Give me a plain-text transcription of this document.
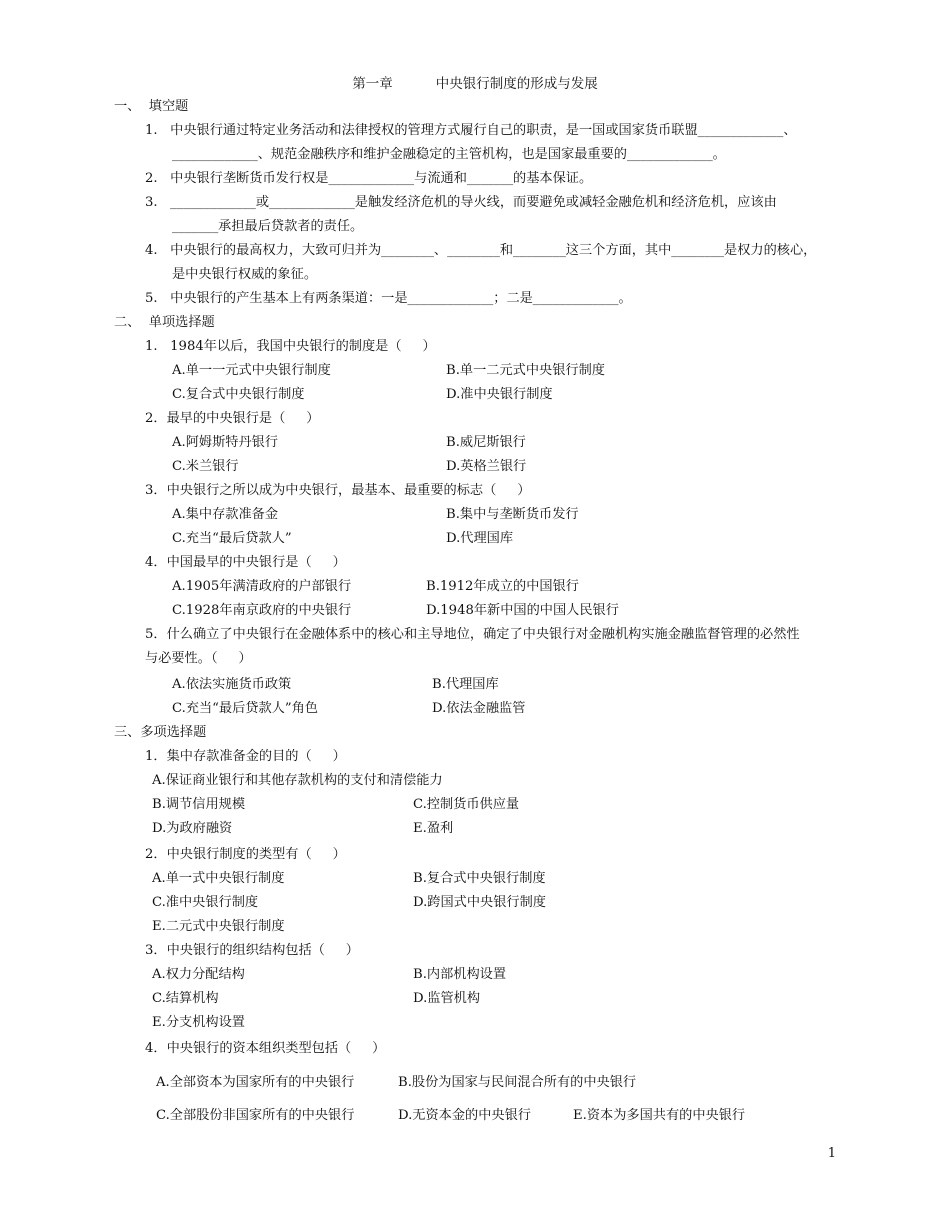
第一章          中央银行制度的形成与发展
一、  填空题
1.   中央银行通过特定业务活动和法律授权的管理方式履行自己的职责，是一国或国家货币联盟_____________、
_____________、规范金融秩序和维护金融稳定的主管机构，也是国家最重要的_____________。
2.   中央银行垄断货币发行权是_____________与流通和_______的基本保证。
3.   _____________或_____________是触发经济危机的导火线，而要避免或减轻金融危机和经济危机，应该由
_______承担最后贷款者的责任。
4.   中央银行的最高权力，大致可归并为________、________和________这三个方面，其中________是权力的核心，
是中央银行权威的象征。
5.   中央银行的产生基本上有两条渠道：一是_____________；二是_____________。
二、  单项选择题
1.   1984年以后，我国中央银行的制度是（     ）
A.单一一元式中央银行制度	B.单一二元式中央银行制度
C.复合式中央银行制度	D.准中央银行制度
2．最早的中央银行是（     ）
A.阿姆斯特丹银行	B.威尼斯银行
C.米兰银行	D.英格兰银行
3．中央银行之所以成为中央银行，最基本、最重要的标志（     ）
A.集中存款准备金	B.集中与垄断货币发行
C.充当“最后贷款人”	D.代理国库
4．中国最早的中央银行是（     ）
A.1905年满清政府的户部银行	B.1912年成立的中国银行
C.1928年南京政府的中央银行	D.1948年新中国的中国人民银行
5．什么确立了中央银行在金融体系中的核心和主导地位，确定了中央银行对金融机构实施金融监督管理的必然性
与必要性。（     ）
A.依法实施货币政策	B.代理国库
C.充当“最后贷款人”角色	D.依法金融监管
三、多项选择题
1．集中存款准备金的目的（     ）
A.保证商业银行和其他存款机构的支付和清偿能力
B.调节信用规模	C.控制货币供应量
D.为政府融资	E.盈利
2．中央银行制度的类型有（     ）
A.单一式中央银行制度	B.复合式中央银行制度
C.准中央银行制度	D.跨国式中央银行制度
E.二元式中央银行制度
3．中央银行的组织结构包括（     ）
A.权力分配结构	B.内部机构设置
C.结算机构	D.监管机构
E.分支机构设置
4．中央银行的资本组织类型包括（     ）
A.全部资本为国家所有的中央银行	B.股份为国家与民间混合所有的中央银行
C.全部股份非国家所有的中央银行	D.无资本金的中央银行	E.资本为多国共有的中央银行
1
